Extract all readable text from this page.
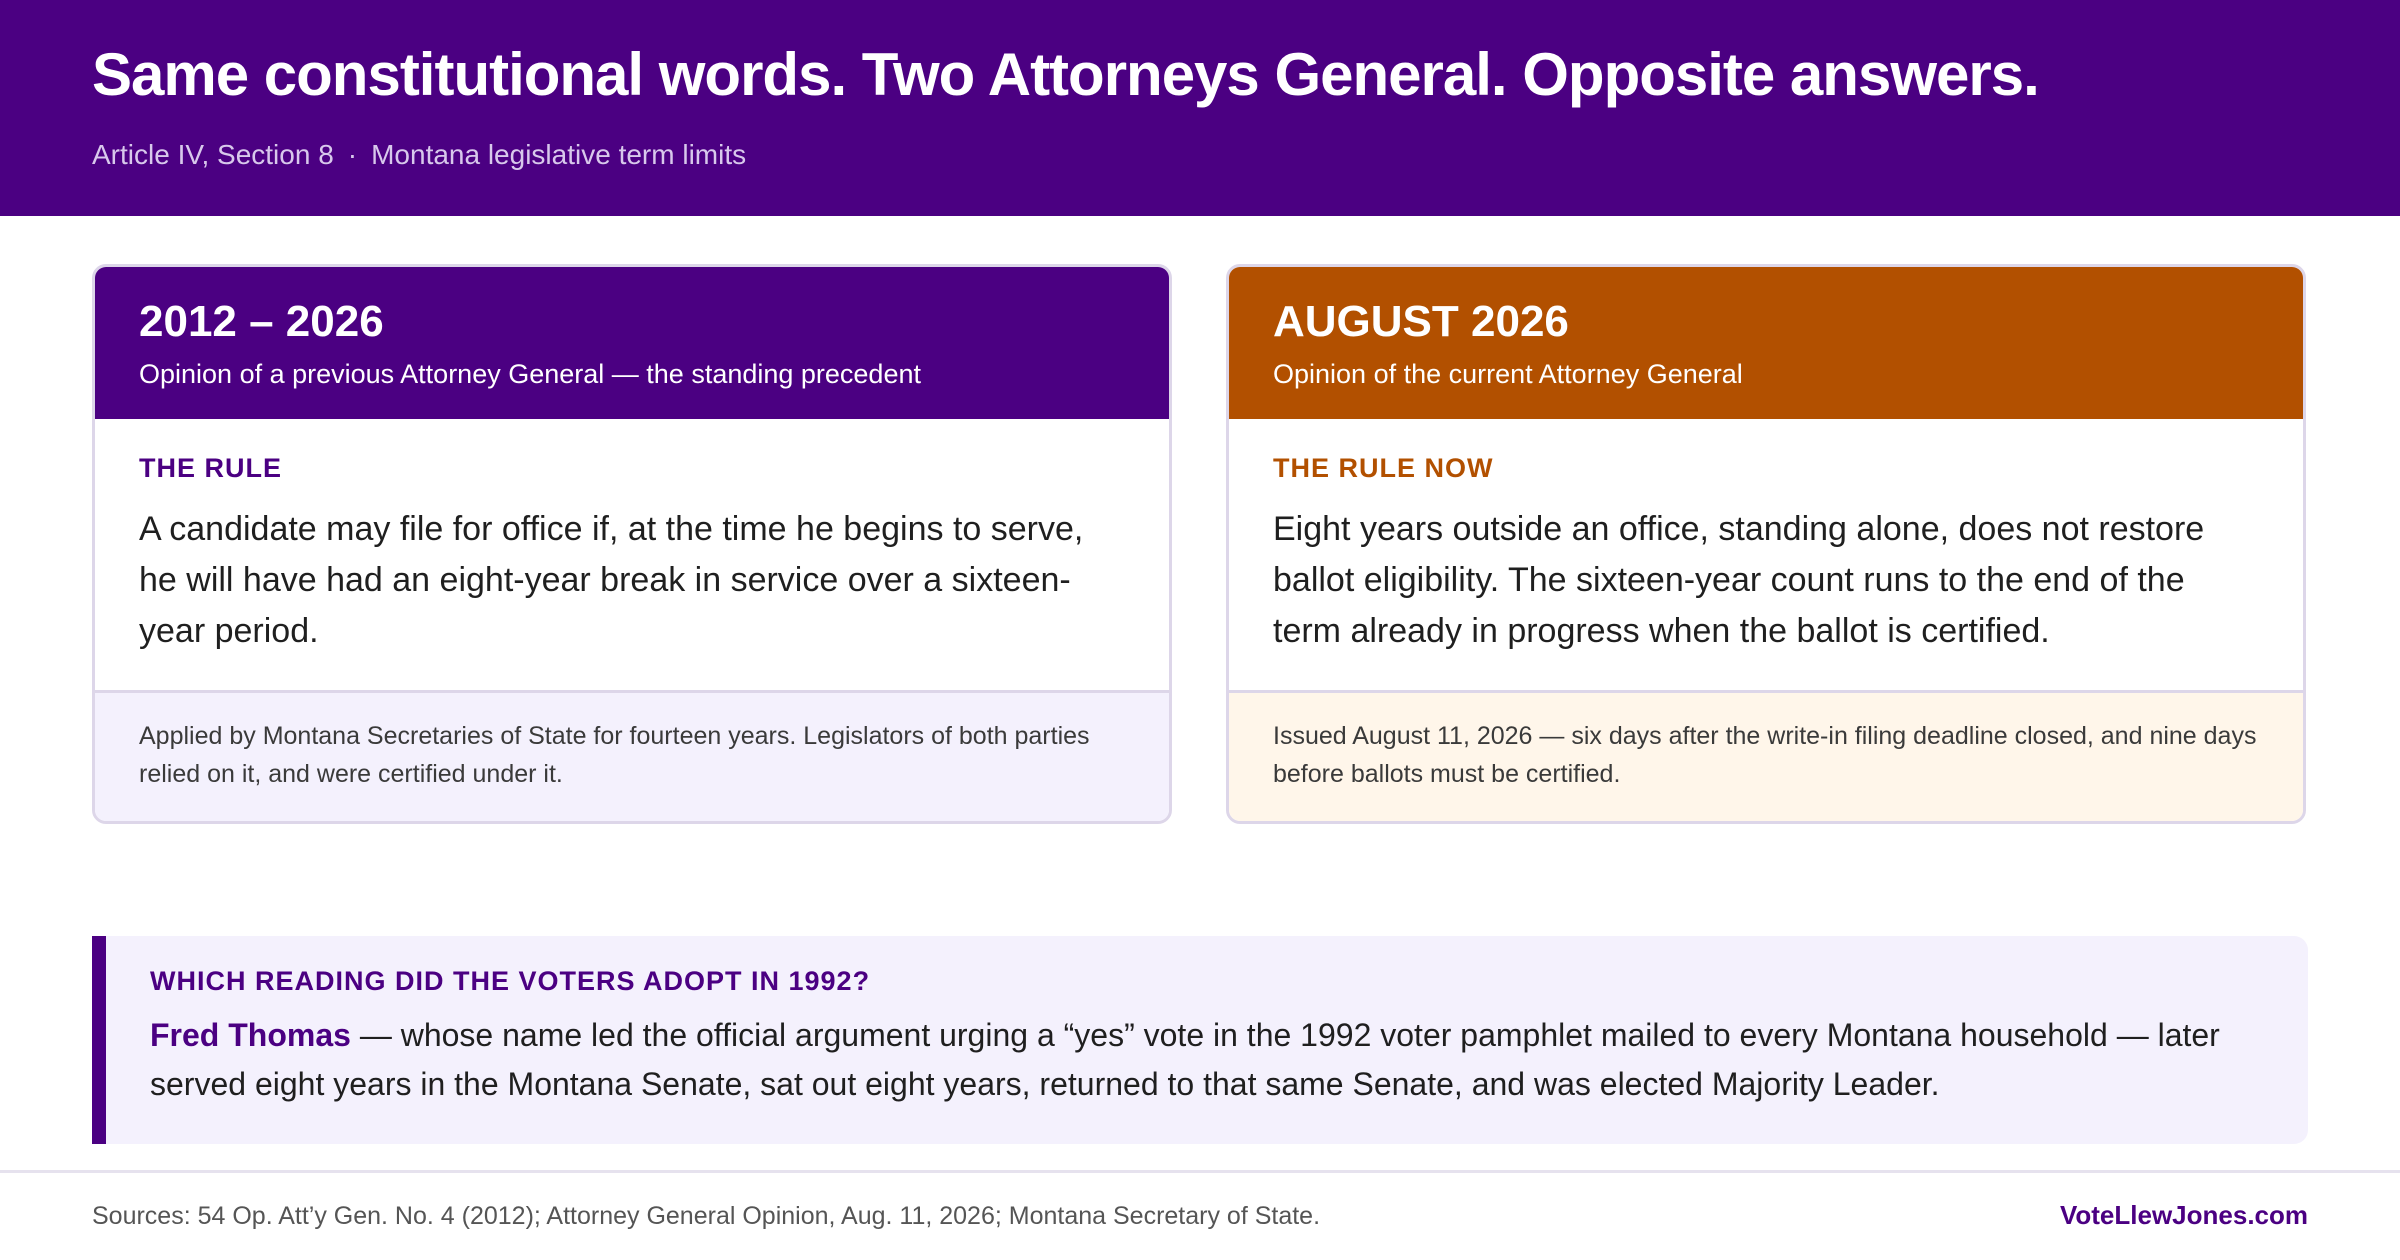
Same constitutional words. Two Attorneys General. Opposite answers.
Article IV, Section 8 · Montana legislative term limits
2012 – 2026
Opinion of a previous Attorney General — the standing precedent
THE RULE
A candidate may file for office if, at the time he begins to serve, he will have had an eight-year break in service over a sixteen-year period.
Applied by Montana Secretaries of State for fourteen years. Legislators of both parties relied on it, and were certified under it.
AUGUST 2026
Opinion of the current Attorney General
THE RULE NOW
Eight years outside an office, standing alone, does not restore ballot eligibility. The sixteen-year count runs to the end of the term already in progress when the ballot is certified.
Issued August 11, 2026 — six days after the write-in filing deadline closed, and nine days before ballots must be certified.
WHICH READING DID THE VOTERS ADOPT IN 1992?
Fred Thomas — whose name led the official argument urging a “yes” vote in the 1992 voter pamphlet mailed to every Montana household — later served eight years in the Montana Senate, sat out eight years, returned to that same Senate, and was elected Majority Leader.
Sources: 54 Op. Att’y Gen. No. 4 (2012); Attorney General Opinion, Aug. 11, 2026; Montana Secretary of State.	VoteLlewJones.com
